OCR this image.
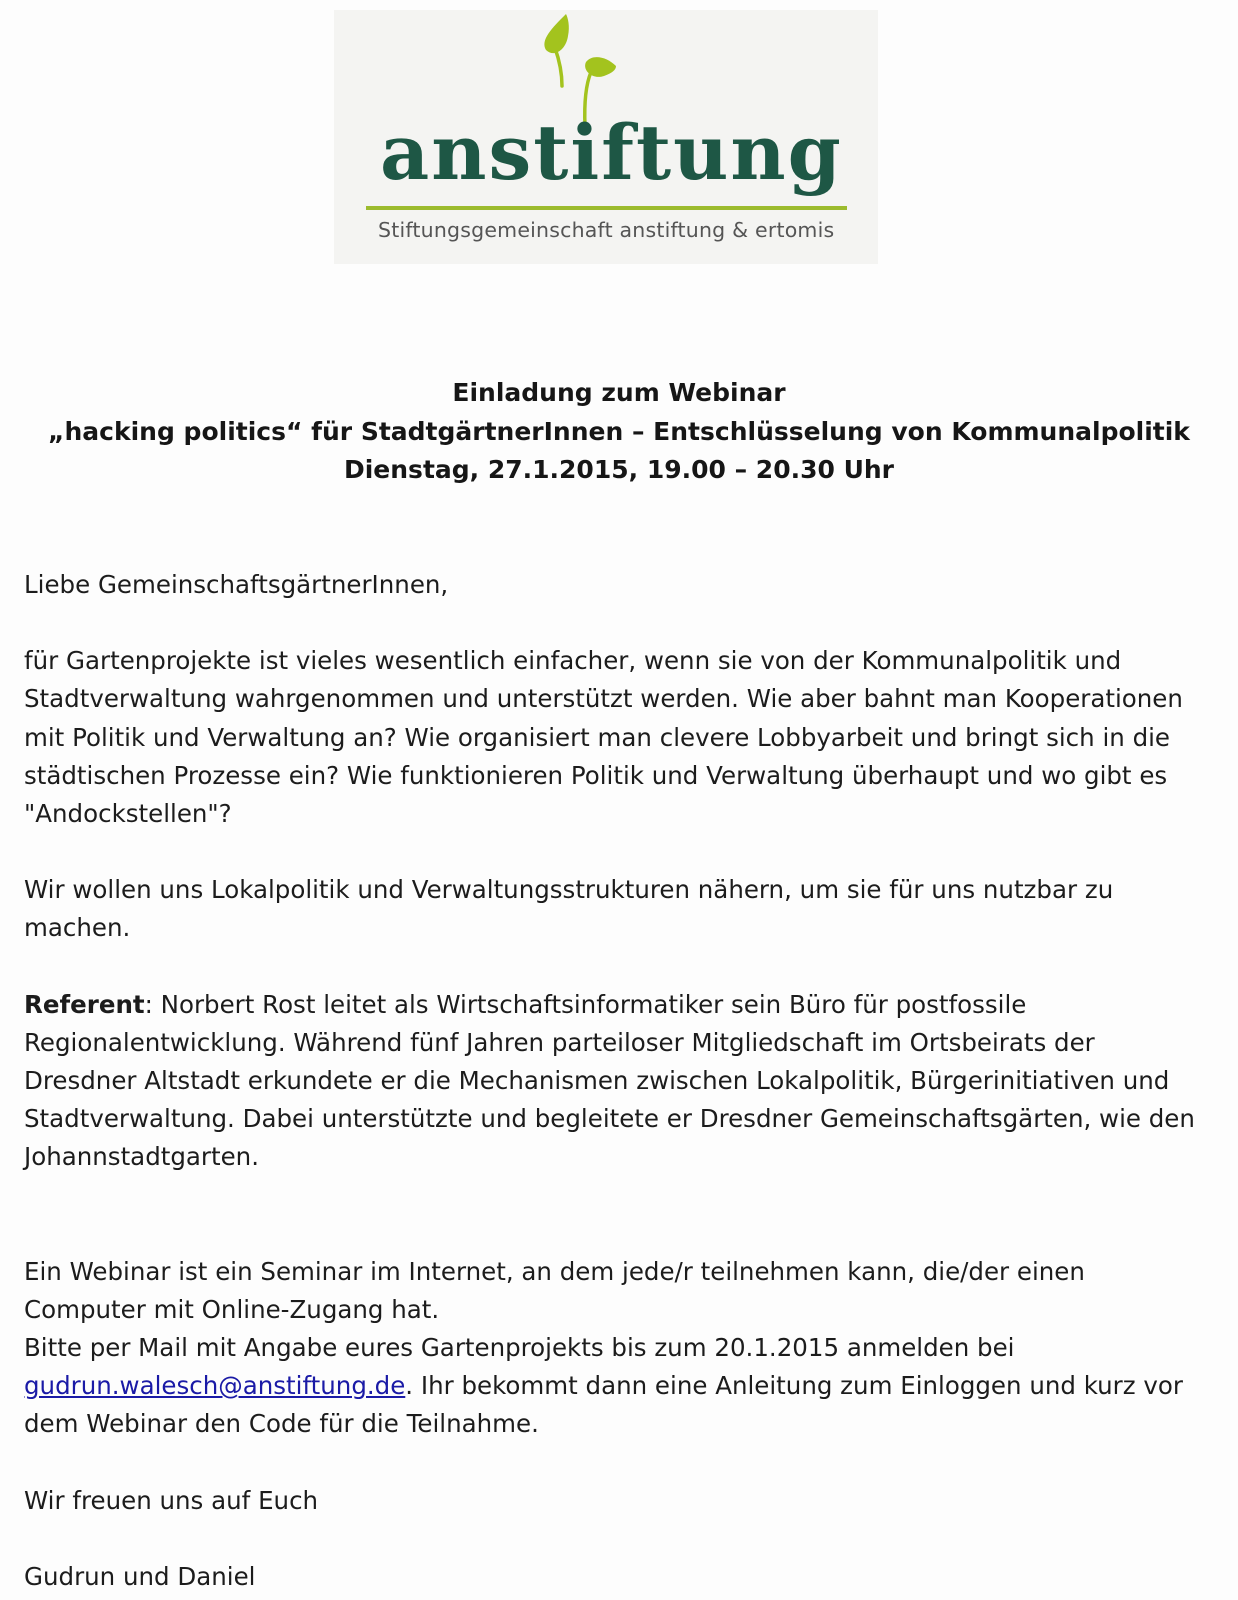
anstiftung
Stiftungsgemeinschaft anstiftung & ertomis
Einladung zum Webinar
„hacking politics“ für StadtgärtnerInnen – Entschlüsselung von Kommunalpolitik
Dienstag, 27.1.2015, 19.00 – 20.30 Uhr

Liebe GemeinschaftsgärtnerInnen,

für Gartenprojekte ist vieles wesentlich einfacher, wenn sie von der Kommunalpolitik und Stadtverwaltung wahrgenommen und unterstützt werden. Wie aber bahnt man Kooperationen mit Politik und Verwaltung an? Wie organisiert man clevere Lobbyarbeit und bringt sich in die städtischen Prozesse ein? Wie funktionieren Politik und Verwaltung überhaupt und wo gibt es "Andockstellen"?

Wir wollen uns Lokalpolitik und Verwaltungsstrukturen nähern, um sie für uns nutzbar zu machen.

Referent: Norbert Rost leitet als Wirtschaftsinformatiker sein Büro für postfossile Regionalentwicklung. Während fünf Jahren parteiloser Mitgliedschaft im Ortsbeirats der Dresdner Altstadt erkundete er die Mechanismen zwischen Lokalpolitik, Bürgerinitiativen und Stadtverwaltung. Dabei unterstützte und begleitete er Dresdner Gemeinschaftsgärten, wie den Johannstadtgarten.

Ein Webinar ist ein Seminar im Internet, an dem jede/r teilnehmen kann, die/der einen Computer mit Online-Zugang hat.

Bitte per Mail mit Angabe eures Gartenprojekts bis zum 20.1.2015 anmelden bei gudrun.walesch@anstiftung.de. Ihr bekommt dann eine Anleitung zum Einloggen und kurz vor dem Webinar den Code für die Teilnahme.

Wir freuen uns auf Euch

Gudrun und Daniel
